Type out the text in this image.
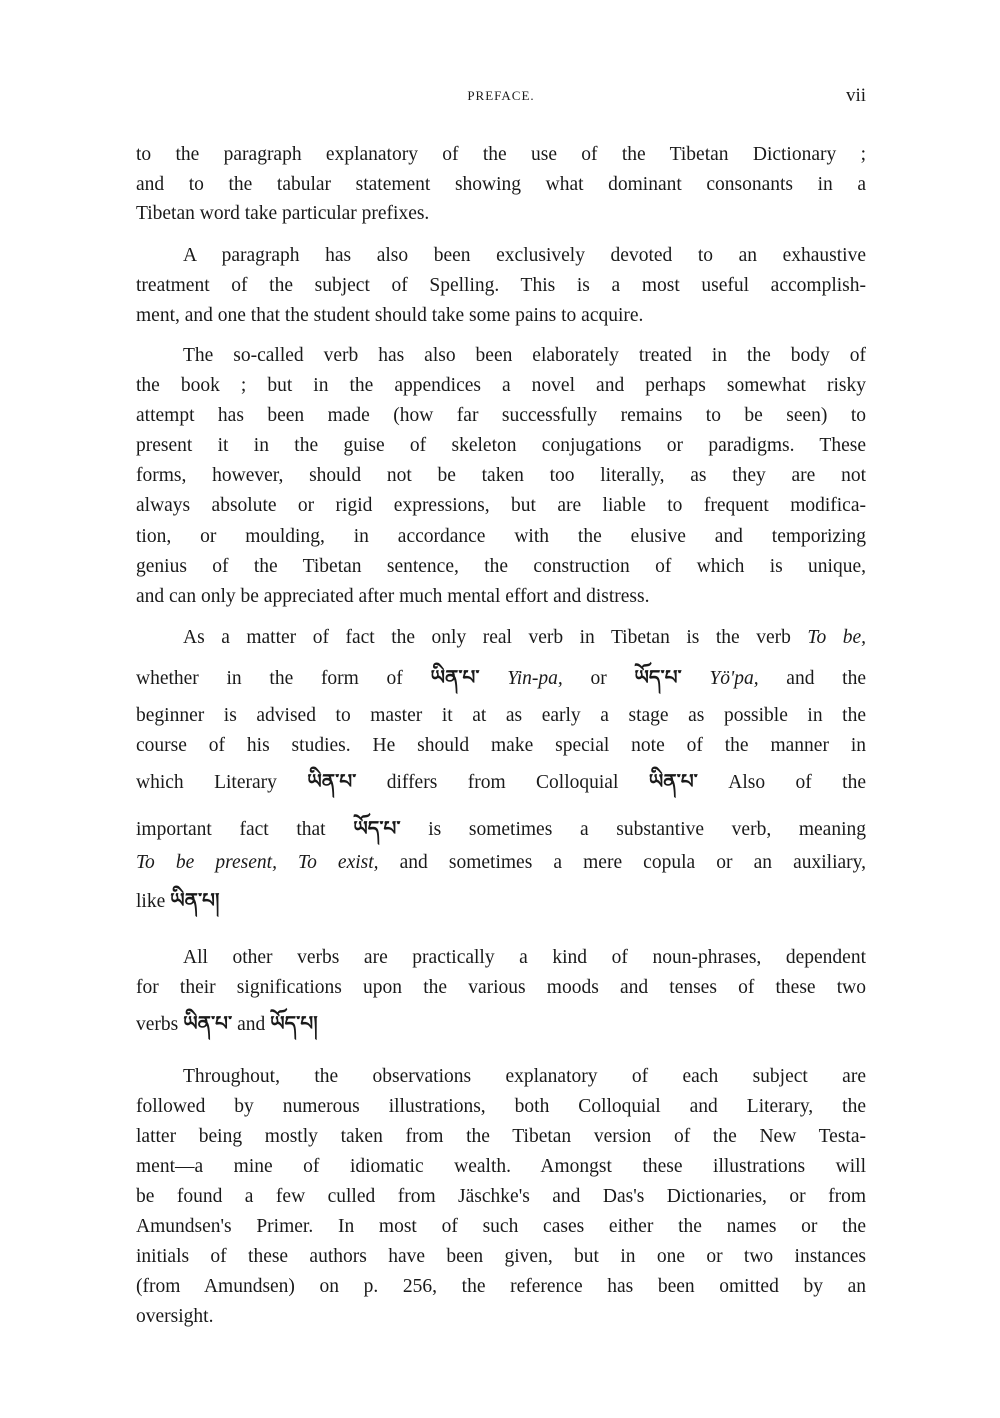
PREFACE.	vii
to the paragraph explanatory of the use of the Tibetan Dictionary ;
and to the tabular statement showing what dominant consonants in a
Tibetan word take particular prefixes.
A paragraph has also been exclusively devoted to an exhaustive
treatment of the subject of Spelling. This is a most useful accomplish-
ment, and one that the student should take some pains to acquire.
The so-called verb has also been elaborately treated in the body of
the book ; but in the appendices a novel and perhaps somewhat risky
attempt has been made (how far successfully remains to be seen) to
present it in the guise of skeleton conjugations or paradigms. These
forms, however, should not be taken too literally, as they are not
always absolute or rigid expressions, but are liable to frequent modifica-
tion, or moulding, in accordance with the elusive and temporizing
genius of the Tibetan sentence, the construction of which is unique,
and can only be appreciated after much mental effort and distress.
As a matter of fact the only real verb in Tibetan is the verb To be,
whether in the form of ཡིན་པ་ Yin-pa, or ཡོད་པ་ Yö'pa, and the
beginner is advised to master it at as early a stage as possible in the
course of his studies. He should make special note of the manner in
which Literary ཡིན་པ་ differs from Colloquial ཡིན་པ་ Also of the
important fact that ཡོད་པ་ is sometimes a substantive verb, meaning
To be present, To exist, and sometimes a mere copula or an auxiliary,
like ཡིན་པ།
All other verbs are practically a kind of noun-phrases, dependent
for their significations upon the various moods and tenses of these two
verbs ཡིན་པ་ and ཡོད་པ།
Throughout, the observations explanatory of each subject are
followed by numerous illustrations, both Colloquial and Literary, the
latter being mostly taken from the Tibetan version of the New Testa-
ment—a mine of idiomatic wealth. Amongst these illustrations will
be found a few culled from Jäschke's and Das's Dictionaries, or from
Amundsen's Primer. In most of such cases either the names or the
initials of these authors have been given, but in one or two instances
(from Amundsen) on p. 256, the reference has been omitted by an
oversight.
